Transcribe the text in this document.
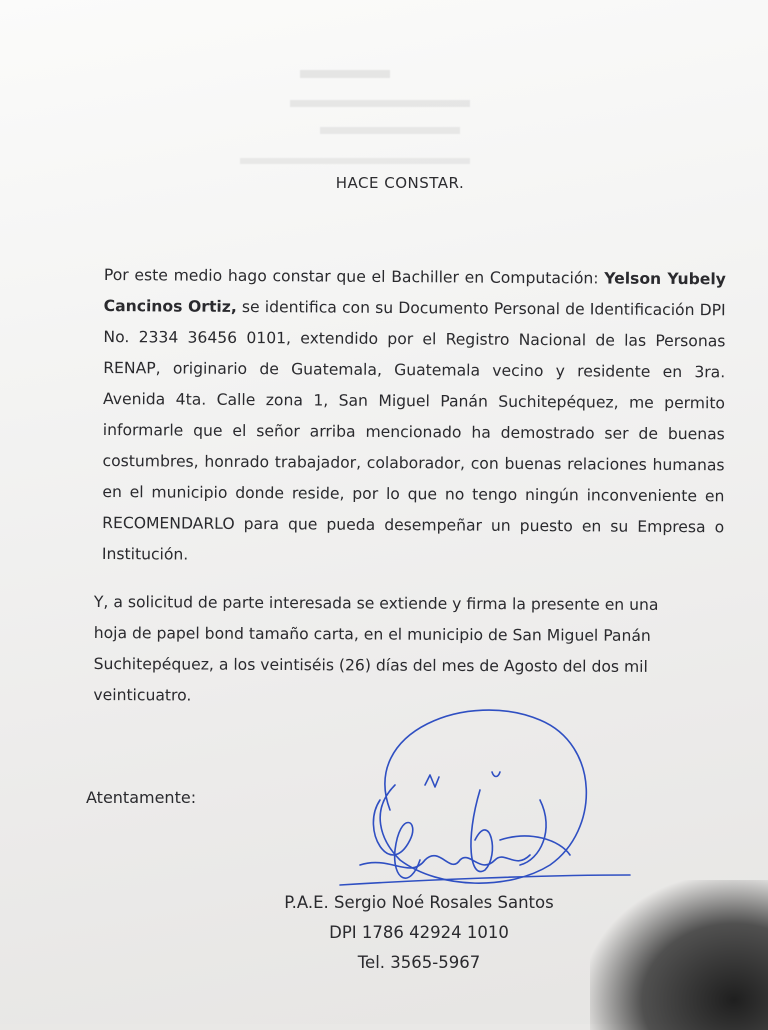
HACE CONSTAR.
Por este medio hago constar que el Bachiller en Computación: Yelson Yubely Cancinos Ortiz, se identifica con su Documento Personal de Identificación DPI No. 2334 36456 0101, extendido por el Registro Nacional de las Personas RENAP, originario de Guatemala, Guatemala vecino y residente en 3ra. Avenida 4ta. Calle zona 1, San Miguel Panán Suchitepéquez, me permito informarle que el señor arriba mencionado ha demostrado ser de buenas costumbres, honrado trabajador, colaborador, con buenas relaciones humanas en el municipio donde reside, por lo que no tengo ningún inconveniente en RECOMENDARLO para que pueda desempeñar un puesto en su Empresa o Institución.
Y, a solicitud de parte interesada se extiende y firma la presente en una
hoja de papel bond tamaño carta, en el municipio de San Miguel Panán
Suchitepéquez, a los veintiséis (26) días del mes de Agosto del dos mil
veinticuatro.
Atentamente:
P.A.E. Sergio Noé Rosales Santos
DPI 1786 42924 1010
Tel. 3565-5967
